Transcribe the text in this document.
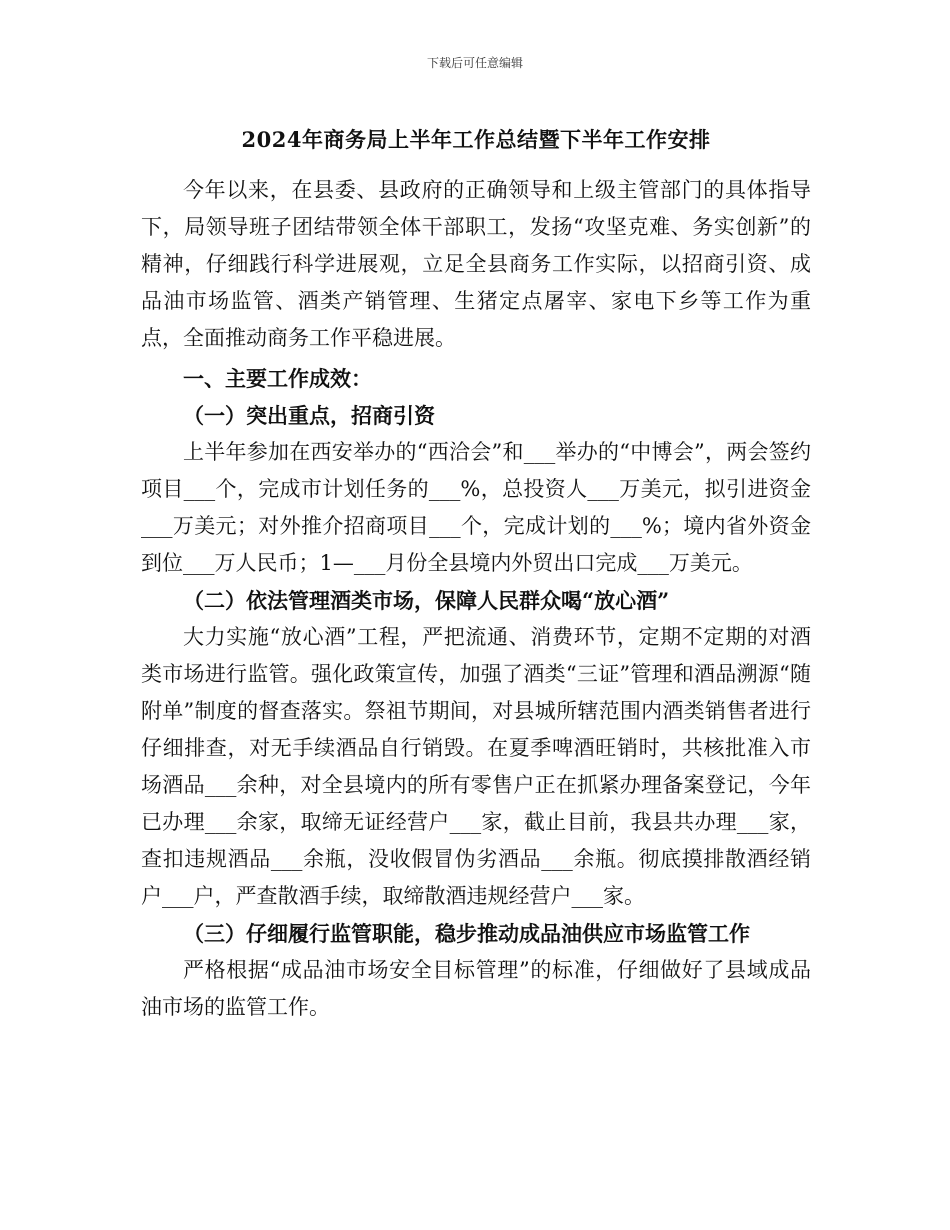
下载后可任意编辑
2024年商务局上半年工作总结暨下半年工作安排

今年以来，在县委、县政府的正确领导和上级主管部门的具体指导下，局领导班子团结带领全体干部职工，发扬“攻坚克难、务实创新”的精神，仔细践行科学进展观，立足全县商务工作实际，以招商引资、成品油市场监管、酒类产销管理、生猪定点屠宰、家电下乡等工作为重点，全面推动商务工作平稳进展。

一、主要工作成效：

（一）突出重点，招商引资

上半年参加在西安举办的“西洽会”和___举办的“中博会”，两会签约项目___个，完成市计划任务的___%，总投资人___万美元，拟引进资金___万美元；对外推介招商项目___个，完成计划的___%；境内省外资金到位___万人民币；1—___月份全县境内外贸出口完成___万美元。

（二）依法管理酒类市场，保障人民群众喝“放心酒”

大力实施“放心酒”工程，严把流通、消费环节，定期不定期的对酒类市场进行监管。强化政策宣传，加强了酒类“三证”管理和酒品溯源“随附单”制度的督查落实。祭祖节期间，对县城所辖范围内酒类销售者进行仔细排查，对无手续酒品自行销毁。在夏季啤酒旺销时，共核批准入市场酒品___余种，对全县境内的所有零售户正在抓紧办理备案登记，今年已办理___余家，取缔无证经营户___家，截止目前，我县共办理___家，查扣违规酒品___余瓶，没收假冒伪劣酒品___余瓶。彻底摸排散酒经销户___户，严查散酒手续，取缔散酒违规经营户___家。

（三）仔细履行监管职能，稳步推动成品油供应市场监管工作

严格根据“成品油市场安全目标管理”的标准，仔细做好了县域成品油市场的监管工作。
